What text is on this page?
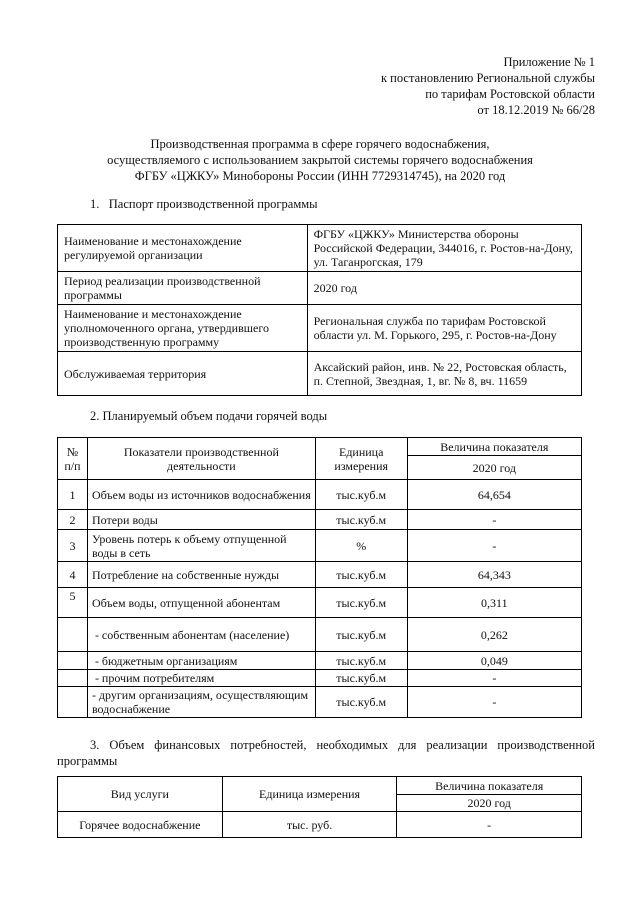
Приложение № 1
к постановлению Региональной службы
по тарифам Ростовской области
от 18.12.2019 № 66/28
Производственная программа в сфере горячего водоснабжения,
осуществляемого с использованием закрытой системы горячего водоснабжения
ФГБУ «ЦЖКУ» Минобороны России (ИНН 7729314745), на 2020 год
1.   Паспорт производственной программы
Наименование и местонахождение регулируемой организации	ФГБУ «ЦЖКУ» Министерства обороны Российской Федерации, 344016, г. Ростов-на-Дону, ул. Таганрогская, 179
Период реализации производственной программы	2020 год
Наименование и местонахождение уполномоченного органа, утвердившего производственную программу	Региональная служба по тарифам Ростовской области ул. М. Горького, 295, г. Ростов-на-Дону
Обслуживаемая территория	Аксайский район, инв. № 22, Ростовская область, п. Степной, Звездная, 1, вг. № 8, вч. 11659
2. Планируемый объем подачи горячей воды
№ п/п	Показатели производственной деятельности	Единица измерения	Величина показателя
			2020 год
1	Объем воды из источников водоснабжения	тыс.куб.м	64,654
2	Потери воды	тыс.куб.м	-
3	Уровень потерь к объему отпущенной воды в сеть	%	-
4	Потребление на собственные нужды	тыс.куб.м	64,343
5	Объем воды, отпущенной абонентам	тыс.куб.м	0,311
	- собственным абонентам (население)	тыс.куб.м	0,262
	- бюджетным организациям	тыс.куб.м	0,049
	- прочим потребителям	тыс.куб.м	-
	- другим организациям, осуществляющим водоснабжение	тыс.куб.м	-
3. Объем финансовых потребностей, необходимых для реализации производственной
программы
Вид услуги	Единица измерения	Величина показателя
		2020 год
Горячее водоснабжение	тыс. руб.	-
